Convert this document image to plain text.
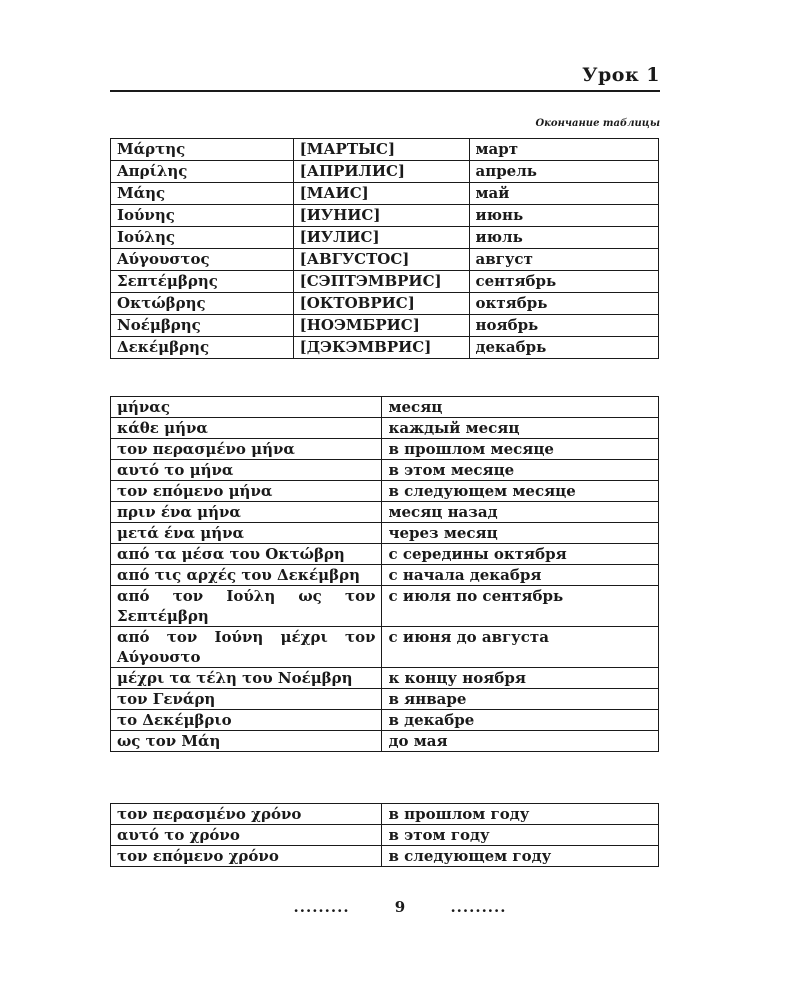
Урок 1
Окончание таблицы
Μάρτης	[МАРТЫС]	март
Απρίλης	[АПРИЛИС]	апрель
Μάης	[МАИС]	май
Ιούνης	[ИУНИС]	июнь
Ιούλης	[ИУЛИС]	июль
Αύγουστος	[АВГУСТОС]	август
Σεπτέμβρης	[СЭПТЭМВРИС]	сентябрь
Οκτώβρης	[ОКТОВРИС]	октябрь
Νοέμβρης	[НОЭМБРИС]	ноябрь
Δεκέμβρης	[ДЭКЭМВРИС]	декабрь
μήνας	месяц
κάθε μήνα	каждый месяц
τον περασμένο μήνα	в прошлом месяце
αυτό το μήνα	в этом месяце
τον επόμενο μήνα	в следующем месяце
πριν ένα μήνα	месяц назад
μετά ένα μήνα	через месяц
από τα μέσα του Οκτώβρη	с середины октября
από τις αρχές του Δεκέμβρη	с начала декабря
από τον Ιούλη ως τον Σεπτέμβρη	с июля по сентябрь
από τον Ιούνη μέχρι τον Αύγουστο	с июня до августа
μέχρι τα τέλη του Νοέμβρη	к концу ноября
τον Γενάρη	в январе
το Δεκέμβριο	в декабре
ως τον Μάη	до мая
τον περασμένο χρόνο	в прошлом году
αυτό το χρόνο	в этом году
τον επόμενο χρόνο	в следующем году
.........	9	.........
